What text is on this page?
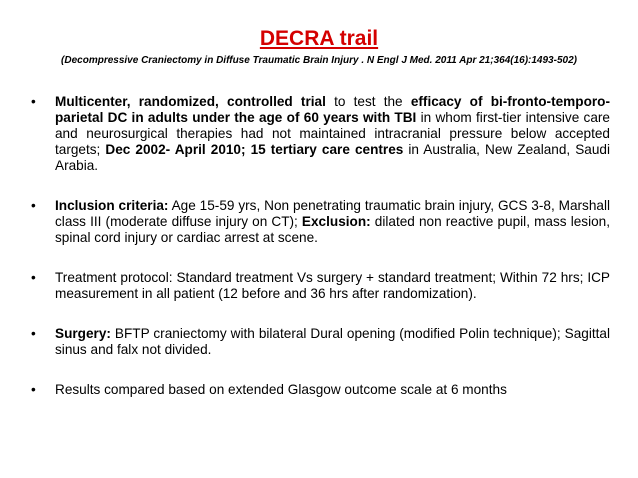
DECRA trail
(Decompressive Craniectomy in Diffuse Traumatic Brain Injury . N Engl J Med. 2011 Apr 21;364(16):1493-502)
•	Multicenter, randomized, controlled trial to test the efficacy of bi-fronto-temporo-parietal DC in adults under the age of 60 years with TBI in whom first-tier intensive care and neurosurgical therapies had not maintained intracranial pressure below accepted targets; Dec 2002- April 2010; 15 tertiary care centres in Australia, New Zealand, Saudi Arabia.
•	Inclusion criteria: Age 15-59 yrs, Non penetrating traumatic brain injury, GCS 3-8, Marshall class III (moderate diffuse injury on CT); Exclusion: dilated non reactive pupil, mass lesion, spinal cord injury or cardiac arrest at scene.
•	Treatment protocol: Standard treatment Vs surgery + standard treatment; Within 72 hrs; ICP measurement in all patient (12 before and 36 hrs after randomization).
•	Surgery: BFTP craniectomy with bilateral Dural opening (modified Polin technique); Sagittal sinus and falx not divided.
•	Results compared based on extended Glasgow outcome scale at 6 months
